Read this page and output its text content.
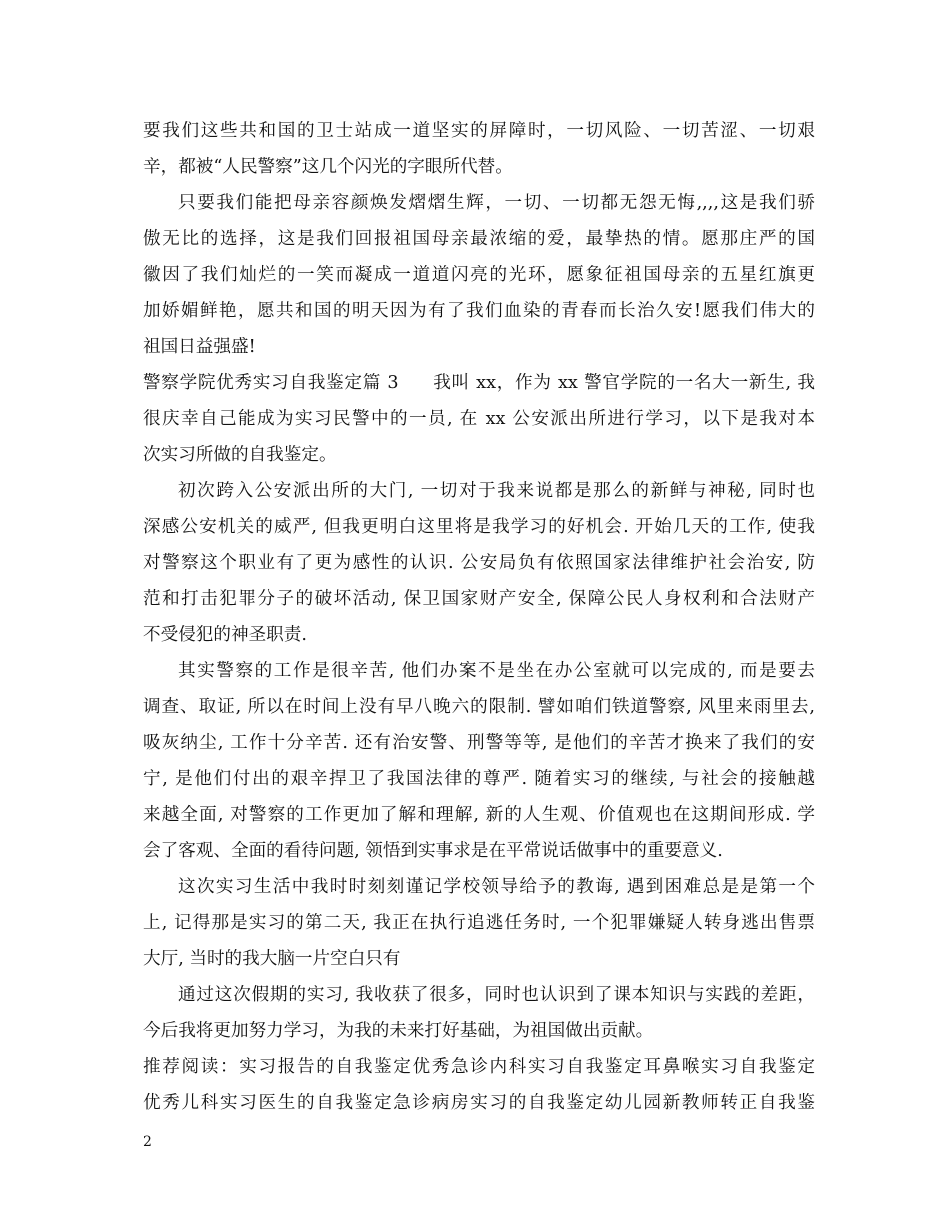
要我们这些共和国的卫士站成一道坚实的屏障时，一切风险、一切苦涩、一切艰
辛，都被“人民警察”这几个闪光的字眼所代替。
只要我们能把母亲容颜焕发熠熠生辉，一切、一切都无怨无悔,,,,这是我们骄
傲无比的选择，这是我们回报祖国母亲最浓缩的爱，最挚热的情。愿那庄严的国
徽因了我们灿烂的一笑而凝成一道道闪亮的光环，愿象征祖国母亲的五星红旗更
加娇媚鲜艳，愿共和国的明天因为有了我们血染的青春而长治久安!愿我们伟大的
祖国日益强盛!
警察学院优秀实习自我鉴定篇 3 我叫 xx，作为 xx 警官学院的一名大一新生, 我
很庆幸自己能成为实习民警中的一员, 在 xx 公安派出所进行学习，以下是我对本
次实习所做的自我鉴定。
初次跨入公安派出所的大门, 一切对于我来说都是那么的新鲜与神秘, 同时也
深感公安机关的威严, 但我更明白这里将是我学习的好机会. 开始几天的工作, 使我
对警察这个职业有了更为感性的认识. 公安局负有依照国家法律维护社会治安, 防
范和打击犯罪分子的破坏活动, 保卫国家财产安全, 保障公民人身权利和合法财产
不受侵犯的神圣职责.
其实警察的工作是很辛苦, 他们办案不是坐在办公室就可以完成的, 而是要去
调查、取证, 所以在时间上没有早八晚六的限制. 譬如咱们铁道警察, 风里来雨里去,
吸灰纳尘, 工作十分辛苦. 还有治安警、刑警等等, 是他们的辛苦才换来了我们的安
宁, 是他们付出的艰辛捍卫了我国法律的尊严. 随着实习的继续, 与社会的接触越
来越全面, 对警察的工作更加了解和理解, 新的人生观、价值观也在这期间形成. 学
会了客观、全面的看待问题, 领悟到实事求是在平常说话做事中的重要意义.
这次实习生活中我时时刻刻谨记学校领导给予的教诲, 遇到困难总是是第一个
上, 记得那是实习的第二天, 我正在执行追逃任务时, 一个犯罪嫌疑人转身逃出售票
大厅, 当时的我大脑一片空白只有
通过这次假期的实习, 我收获了很多，同时也认识到了课本知识与实践的差距，
今后我将更加努力学习，为我的未来打好基础，为祖国做出贡献。
推荐阅读：实习报告的自我鉴定优秀急诊内科实习自我鉴定耳鼻喉实习自我鉴定
优秀儿科实习医生的自我鉴定急诊病房实习的自我鉴定幼儿园新教师转正自我鉴
2
